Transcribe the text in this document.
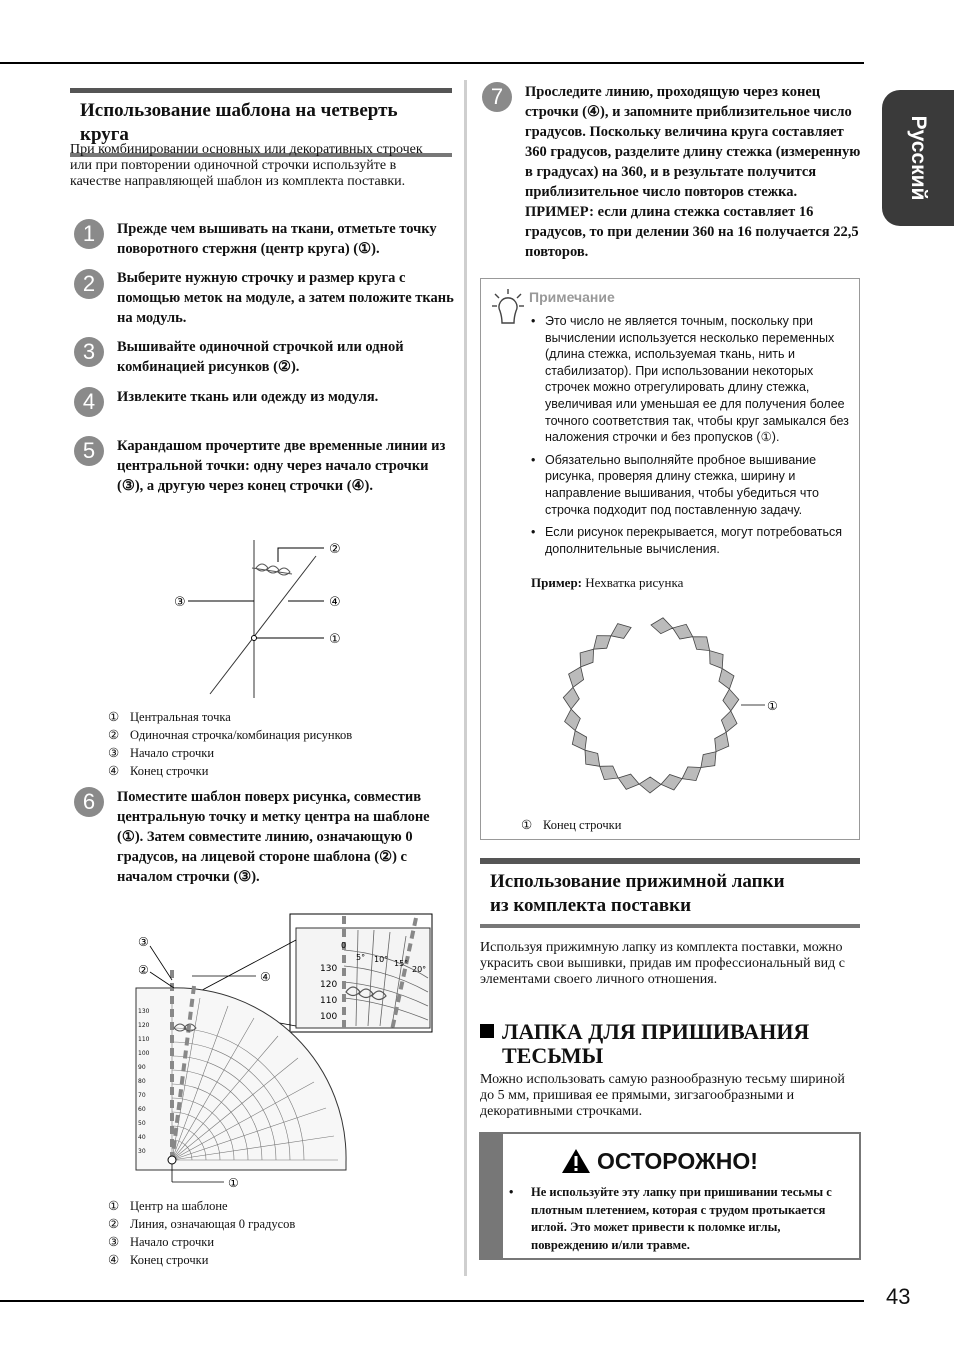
Русский
43
Использование шаблона на четверть круга
При комбинировании основных или декоративных строчек или при повторении одиночной строчки используйте в качестве направляющей шаблон из комплекта поставки.
1	Прежде чем вышивать на ткани, отметьте точку поворотного стержня (центр круга) (①).
2	Выберите нужную строчку и размер круга с помощью меток на модуле, а затем положите ткань на модуль.
3	Вышивайте одиночной строчкой или одной комбинацией рисунков (②).
4	Извлеките ткань или одежду из модуля.
5	Карандашом прочертите две временные линии из центральной точки: одну через начало строчки (③), а другую через конец строчки (④).
②
③	④
①
① Центральная точка
② Одиночная строчка/комбинация рисунков
③ Начало строчки
④ Конец строчки
6	Поместите шаблон поверх рисунка, совместив центральную точку и метку центра на шаблоне (①). Затем совместите линию, означающую 0 градусов, на лицевой стороне шаблона (②) с началом строчки (③).
130
120
110
100
0
5° 10° 15°
20°
130
120
110
100
90
80
70
60
50
40
30
③
②	④
①
① Центр на шаблоне
② Линия, означающая 0 градусов
③ Начало строчки
④ Конец строчки
7	Проследите линию, проходящую через конец строчки (④), и запомните приблизительное число градусов. Поскольку величина круга составляет 360 градусов, разделите длину стежка (измеренную в градусах) на 360, и в результате получится приблизительное число повторов стежка. ПРИМЕР: если длина стежка составляет 16 градусов, то при делении 360 на 16 получается 22,5 повторов.
Примечание
• Это число не является точным, поскольку при вычислении используется несколько переменных (длина стежка, используемая ткань, нить и стабилизатор). При использовании некоторых строчек можно отрегулировать длину стежка, увеличивая или уменьшая ее для получения более точного соответствия так, чтобы круг замыкался без наложения строчки и без пропусков (①).
• Обязательно выполняйте пробное вышивание рисунка, проверяя длину стежка, ширину и направление вышивания, чтобы убедиться что строчка подходит под поставленную задачу.
• Если рисунок перекрывается, могут потребоваться дополнительные вычисления.
Пример: Нехватка рисунка
①
① Конец строчки
Использование прижимной лапки
из комплекта поставки
Используя прижимную лапку из комплекта поставки, можно украсить свои вышивки, придав им профессиональный вид с элементами своего личного отношения.
ЛАПКА ДЛЯ ПРИШИВАНИЯ
ТЕСЬМЫ
Можно использовать самую разнообразную тесьму шириной до 5 мм, пришивая ее прямыми, зигзагообразными и декоративными строчками.
ОСТОРОЖНО!
•	Не используйте эту лапку при пришивании тесьмы с плотным плетением, которая с трудом протыкается иглой. Это может привести к поломке иглы, повреждению и/или травме.
